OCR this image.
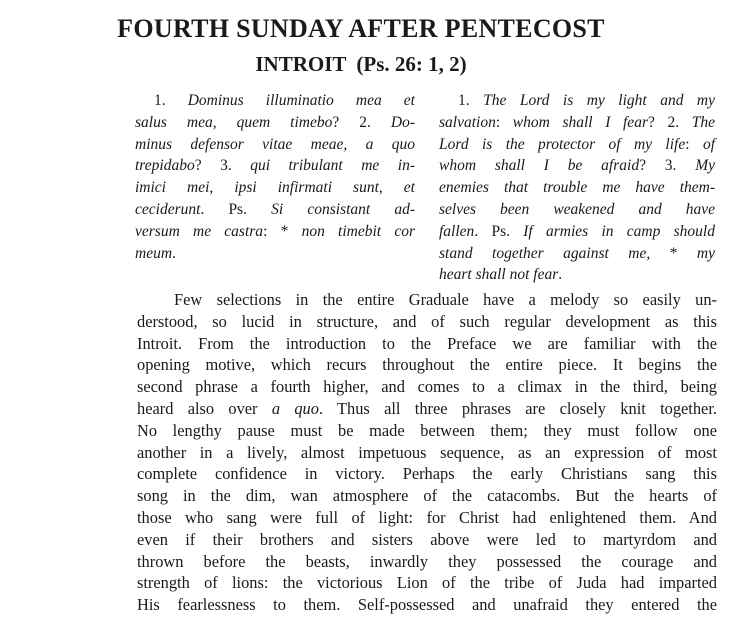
FOURTH SUNDAY AFTER PENTECOST
INTROIT (Ps. 26: 1, 2)
1. Dominus illuminatio mea et
salus mea, quem timebo? 2. Do-
minus defensor vitae meae, a quo
trepidabo? 3. qui tribulant me in-
imici mei, ipsi infirmati sunt, et
ceciderunt. Ps. Si consistant ad-
versum me castra: * non timebit cor
meum.
1. The Lord is my light and my
salvation: whom shall I fear? 2. The
Lord is the protector of my life: of
whom shall I be afraid? 3. My
enemies that trouble me have them-
selves been weakened and have
fallen. Ps. If armies in camp should
stand together against me, * my
heart shall not fear.
Few selections in the entire Graduale have a melody so easily un-
derstood, so lucid in structure, and of such regular development as this
Introit. From the introduction to the Preface we are familiar with the
opening motive, which recurs throughout the entire piece. It begins the
second phrase a fourth higher, and comes to a climax in the third, being
heard also over a quo. Thus all three phrases are closely knit together.
No lengthy pause must be made between them; they must follow one
another in a lively, almost impetuous sequence, as an expression of most
complete confidence in victory. Perhaps the early Christians sang this
song in the dim, wan atmosphere of the catacombs. But the hearts of
those who sang were full of light: for Christ had enlightened them. And
even if their brothers and sisters above were led to martyrdom and
thrown before the beasts, inwardly they possessed the courage and
strength of lions: the victorious Lion of the tribe of Juda had imparted
His fearlessness to them. Self-possessed and unafraid they entered the
